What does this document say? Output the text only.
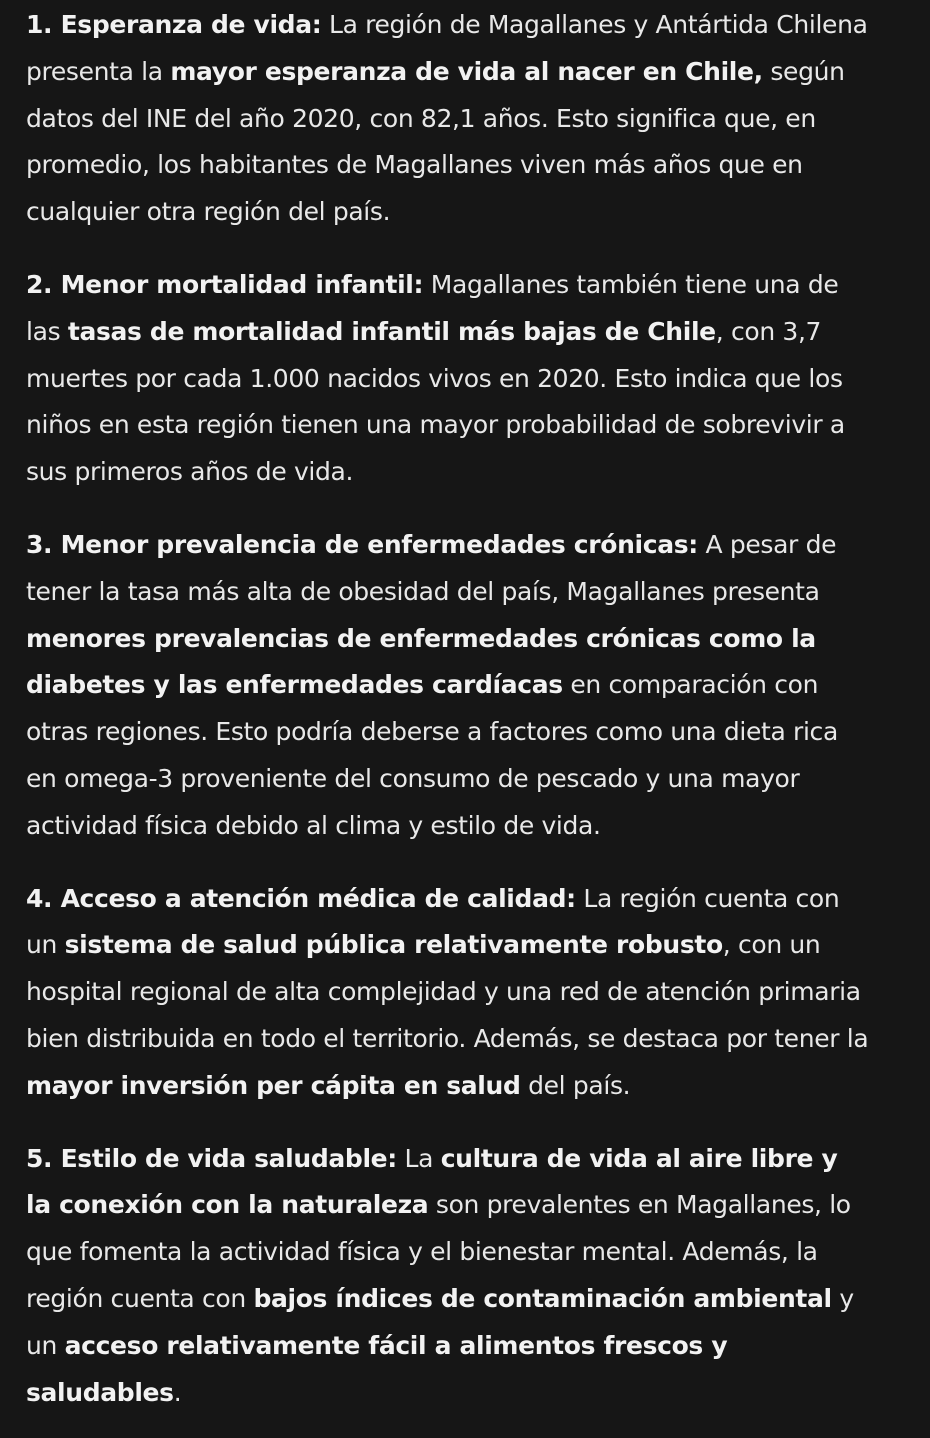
1. Esperanza de vida: La región de Magallanes y Antártida Chilena presenta la mayor esperanza de vida al nacer en Chile, según datos del INE del año 2020, con 82,1 años. Esto significa que, en promedio, los habitantes de Magallanes viven más años que en cualquier otra región del país.

2. Menor mortalidad infantil: Magallanes también tiene una de las tasas de mortalidad infantil más bajas de Chile, con 3,7 muertes por cada 1.000 nacidos vivos en 2020. Esto indica que los niños en esta región tienen una mayor probabilidad de sobrevivir a sus primeros años de vida.

3. Menor prevalencia de enfermedades crónicas: A pesar de tener la tasa más alta de obesidad del país, Magallanes presenta menores prevalencias de enfermedades crónicas como la diabetes y las enfermedades cardíacas en comparación con otras regiones. Esto podría deberse a factores como una dieta rica en omega-3 proveniente del consumo de pescado y una mayor actividad física debido al clima y estilo de vida.

4. Acceso a atención médica de calidad: La región cuenta con un sistema de salud pública relativamente robusto, con un hospital regional de alta complejidad y una red de atención primaria bien distribuida en todo el territorio. Además, se destaca por tener la mayor inversión per cápita en salud del país.

5. Estilo de vida saludable: La cultura de vida al aire libre y la conexión con la naturaleza son prevalentes en Magallanes, lo que fomenta la actividad física y el bienestar mental. Además, la región cuenta con bajos índices de contaminación ambiental y un acceso relativamente fácil a alimentos frescos y saludables.
